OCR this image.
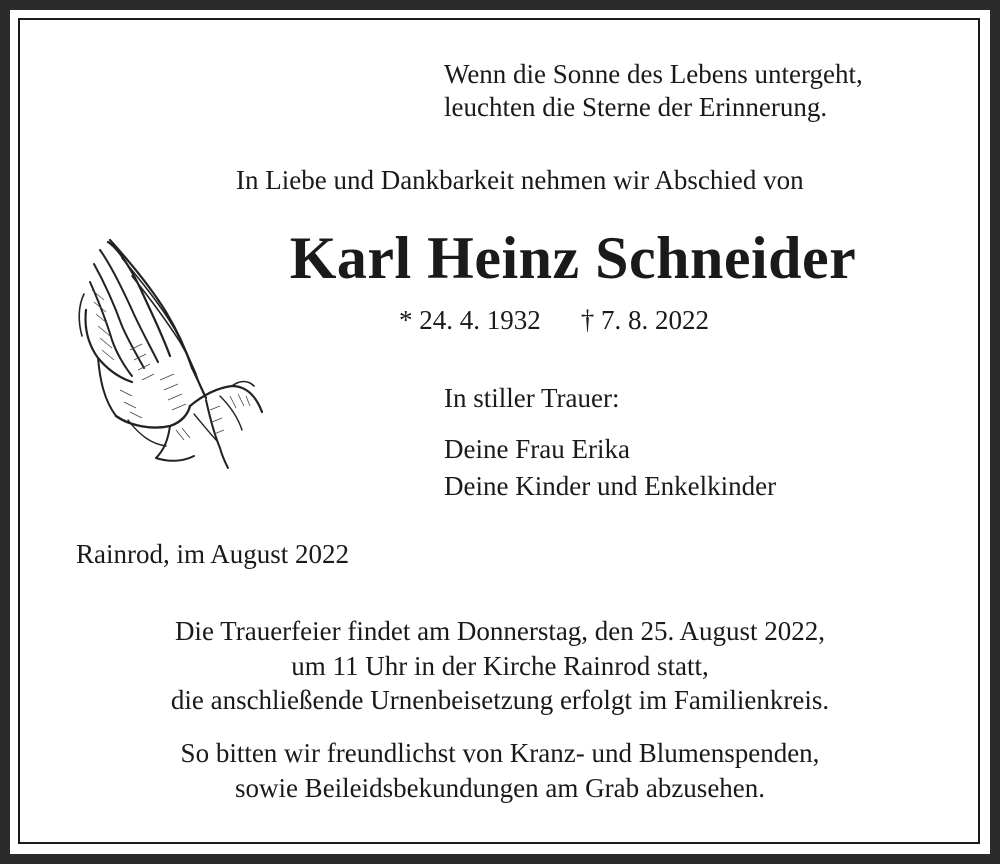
Wenn die Sonne des Lebens untergeht,
leuchten die Sterne der Erinnerung.
In Liebe und Dankbarkeit nehmen wir Abschied von
Karl Heinz Schneider
* 24. 4. 1932 † 7. 8. 2022
In stiller Trauer:
Deine Frau Erika
Deine Kinder und Enkelkinder
Rainrod, im August 2022
Die Trauerfeier findet am Donnerstag, den 25. August 2022,
um 11 Uhr in der Kirche Rainrod statt,
die anschließende Urnenbeisetzung erfolgt im Familienkreis.
So bitten wir freundlichst von Kranz- und Blumenspenden,
sowie Beileidsbekundungen am Grab abzusehen.
